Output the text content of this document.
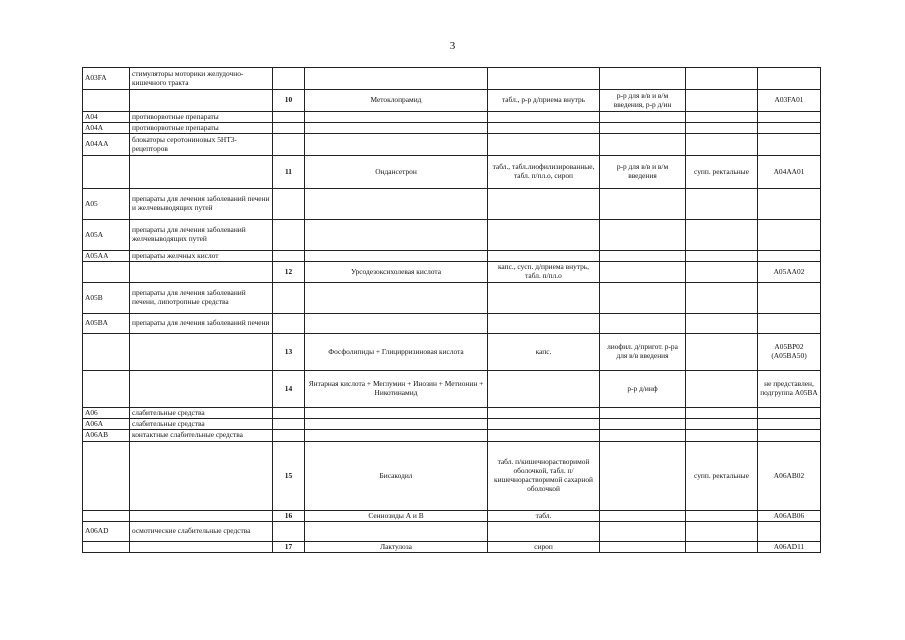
3
A03FA	стимуляторы моторики желудочно-кишечного тракта						
		10	Метоклопрамид	табл., р-р д/приема внутрь	р-р для в/в и в/м введения, р-р д/ин		A03FA01
A04	противорвотные препараты						
A04A	противорвотные препараты						
A04AA	блокаторы серотониновых 5HT3-рецепторов						
		11	Ондансетрон	табл., табл.лиофилизированные, табл. п/пл.о, сироп	р-р для в/в и в/м введения	супп. ректальные	A04AA01
A05	препараты для лечения заболеваний печени и желчевыводящих путей						
A05A	препараты для лечения заболеваний желчевыводящих путей						
A05AA	препараты желчных кислот						
		12	Урсодезоксихолевая кислота	капс., сусп. д/приема внутрь, табл. п/пл.о			A05AA02
A05B	препараты для лечения заболеваний печени, липотропные средства						
A05BA	препараты для лечения заболеваний печени						
		13	Фосфолипиды + Глицирризиновая кислота	капс.	лиофил. д/пригот. р-ра для в/в введения		A05BP02 (A05BA50)
		14	Янтарная кислота + Меглумин + Инозин + Метионин + Никотинамид		р-р д/инф		не представлен, подгруппа A05BA
A06	слабительные средства						
A06A	слабительные средства						
A06AB	контактные слабительные средства						
		15	Бисакодил	табл. п/кишечнорастворимой оболочкой, табл. п/кишечнорастворимой сахарной оболочкой		супп. ректальные	A06AB02
		16	Сеннозиды А и В	табл.			A06AB06
A06AD	осмотические слабительные средства						
		17	Лактулоза	сироп			A06AD11
